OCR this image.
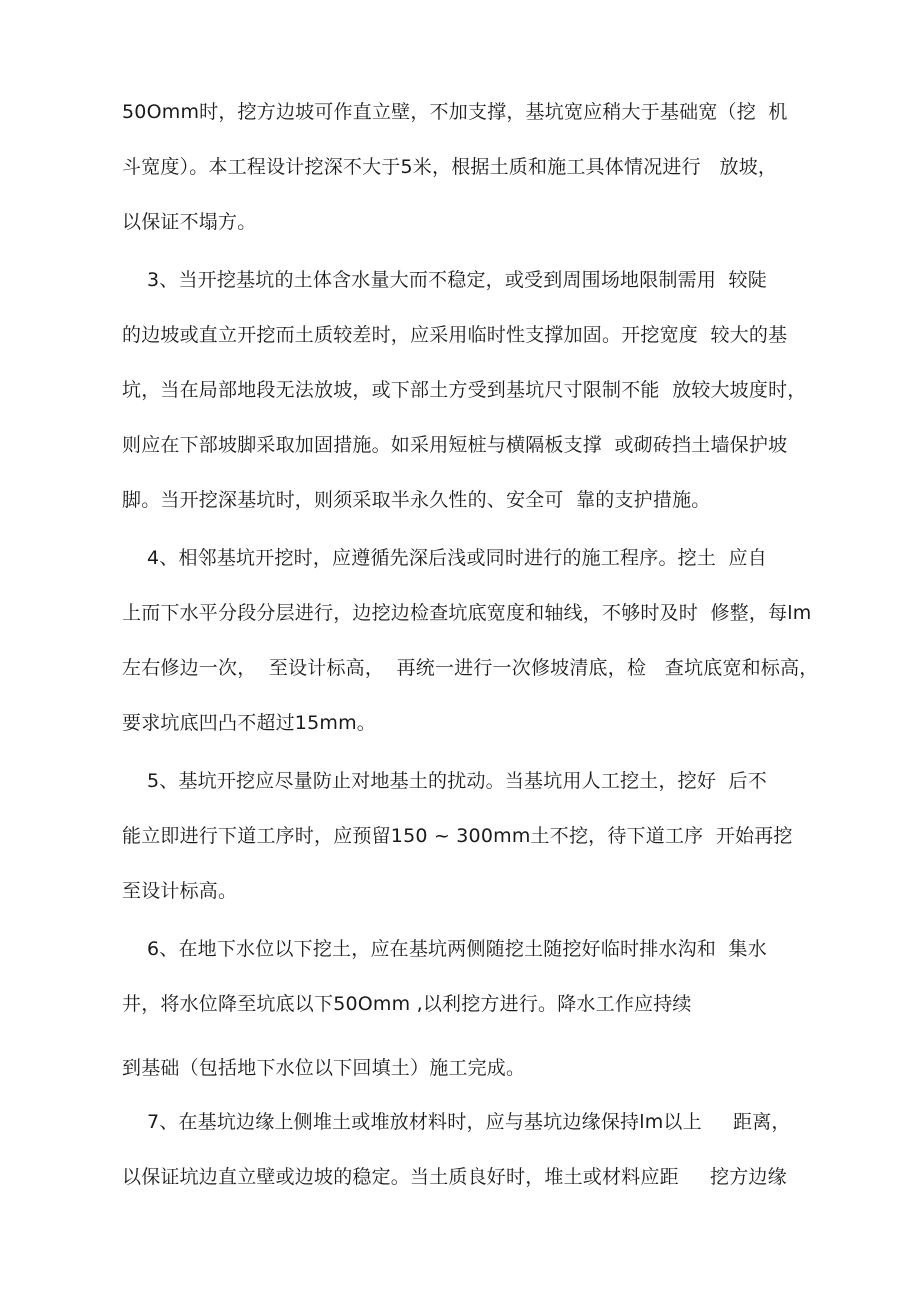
50Omm时，挖方边坡可作直立壁，不加支撑，基坑宽应稍大于基础宽（挖  机
斗宽度）。本工程设计挖深不大于5米，根据土质和施工具体情况进行   放坡，
以保证不塌方。
3、当开挖基坑的土体含水量大而不稳定，或受到周围场地限制需用  较陡
的边坡或直立开挖而土质较差时，应采用临时性支撑加固。开挖宽度  较大的基
坑，当在局部地段无法放坡，或下部土方受到基坑尺寸限制不能  放较大坡度时，
则应在下部坡脚采取加固措施。如采用短桩与横隔板支撑  或砌砖挡土墙保护坡
脚。当开挖深基坑时，则须采取半永久性的、安全可  靠的支护措施。
4、相邻基坑开挖时，应遵循先深后浅或同时进行的施工程序。挖土  应自
上而下水平分段分层进行，边挖边检查坑底宽度和轴线，不够时及时  修整，每lm
左右修边一次，  至设计标高，  再统一进行一次修坡清底，检   查坑底宽和标高，
要求坑底凹凸不超过15mm。
5、基坑开挖应尽量防止对地基土的扰动。当基坑用人工挖土，挖好  后不
能立即进行下道工序时，应预留150 ~ 300mm土不挖，待下道工序  开始再挖
至设计标高。
6、在地下水位以下挖土，应在基坑两侧随挖土随挖好临时排水沟和  集水
井，将水位降至坑底以下50Omm ,以利挖方进行。降水工作应持续
到基础（包括地下水位以下回填土）施工完成。
7、在基坑边缘上侧堆土或堆放材料时，应与基坑边缘保持lm以上     距离，
以保证坑边直立壁或边坡的稳定。当土质良好时，堆土或材料应距     挖方边缘
